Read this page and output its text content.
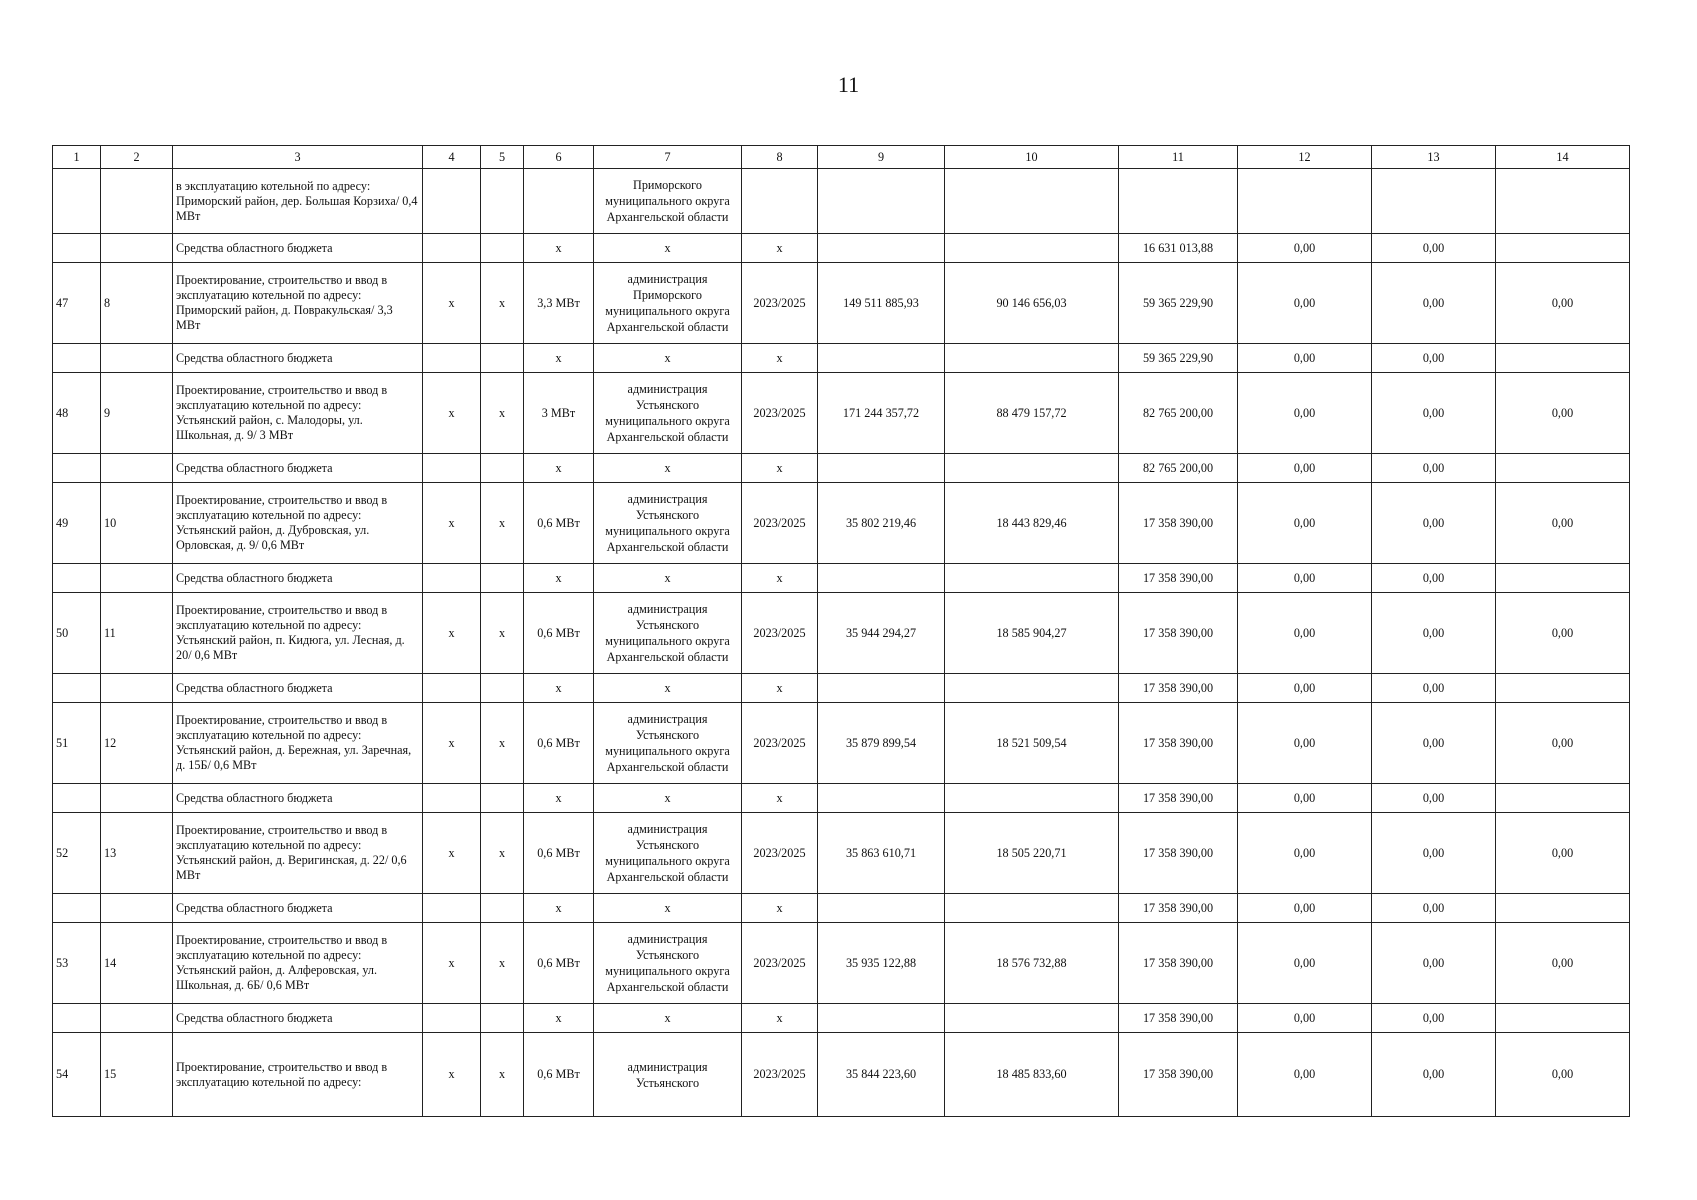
11
1	2	3	4	5	6	7	8	9	10	11	12	13	14
		в эксплуатацию котельной по адресу: Приморский район, дер. Большая Корзиха/ 0,4 МВт				Приморского муниципального округа Архангельской области							
		Средства областного бюджета			x	x	x			16 631 013,88	0,00	0,00	
47	8	Проектирование, строительство и ввод в эксплуатацию котельной по адресу: Приморский район, д. Повракульская/ 3,3 МВт	x	x	3,3 МВт	администрация Приморского муниципального округа Архангельской области	2023/2025	149 511 885,93	90 146 656,03	59 365 229,90	0,00	0,00	0,00
		Средства областного бюджета			x	x	x			59 365 229,90	0,00	0,00	
48	9	Проектирование, строительство и ввод в эксплуатацию котельной по адресу: Устьянский район, с. Малодоры, ул. Школьная, д. 9/ 3 МВт	x	x	3 МВт	администрация Устьянского муниципального округа Архангельской области	2023/2025	171 244 357,72	88 479 157,72	82 765 200,00	0,00	0,00	0,00
		Средства областного бюджета			x	x	x			82 765 200,00	0,00	0,00	
49	10	Проектирование, строительство и ввод в эксплуатацию котельной по адресу: Устьянский район, д. Дубровская, ул. Орловская, д. 9/ 0,6 МВт	x	x	0,6 МВт	администрация Устьянского муниципального округа Архангельской области	2023/2025	35 802 219,46	18 443 829,46	17 358 390,00	0,00	0,00	0,00
		Средства областного бюджета			x	x	x			17 358 390,00	0,00	0,00	
50	11	Проектирование, строительство и ввод в эксплуатацию котельной по адресу: Устьянский район, п. Кидюга, ул. Лесная, д. 20/ 0,6 МВт	x	x	0,6 МВт	администрация Устьянского муниципального округа Архангельской области	2023/2025	35 944 294,27	18 585 904,27	17 358 390,00	0,00	0,00	0,00
		Средства областного бюджета			x	x	x			17 358 390,00	0,00	0,00	
51	12	Проектирование, строительство и ввод в эксплуатацию котельной по адресу: Устьянский район, д. Бережная, ул. Заречная, д. 15Б/ 0,6 МВт	x	x	0,6 МВт	администрация Устьянского муниципального округа Архангельской области	2023/2025	35 879 899,54	18 521 509,54	17 358 390,00	0,00	0,00	0,00
		Средства областного бюджета			x	x	x			17 358 390,00	0,00	0,00	
52	13	Проектирование, строительство и ввод в эксплуатацию котельной по адресу: Устьянский район, д. Веригинская, д. 22/ 0,6 МВт	x	x	0,6 МВт	администрация Устьянского муниципального округа Архангельской области	2023/2025	35 863 610,71	18 505 220,71	17 358 390,00	0,00	0,00	0,00
		Средства областного бюджета			x	x	x			17 358 390,00	0,00	0,00	
53	14	Проектирование, строительство и ввод в эксплуатацию котельной по адресу: Устьянский район, д. Алферовская, ул. Школьная, д. 6Б/ 0,6 МВт	x	x	0,6 МВт	администрация Устьянского муниципального округа Архангельской области	2023/2025	35 935 122,88	18 576 732,88	17 358 390,00	0,00	0,00	0,00
		Средства областного бюджета			x	x	x			17 358 390,00	0,00	0,00	
54	15	Проектирование, строительство и ввод в эксплуатацию котельной по адресу:	x	x	0,6 МВт	администрация Устьянского	2023/2025	35 844 223,60	18 485 833,60	17 358 390,00	0,00	0,00	0,00
